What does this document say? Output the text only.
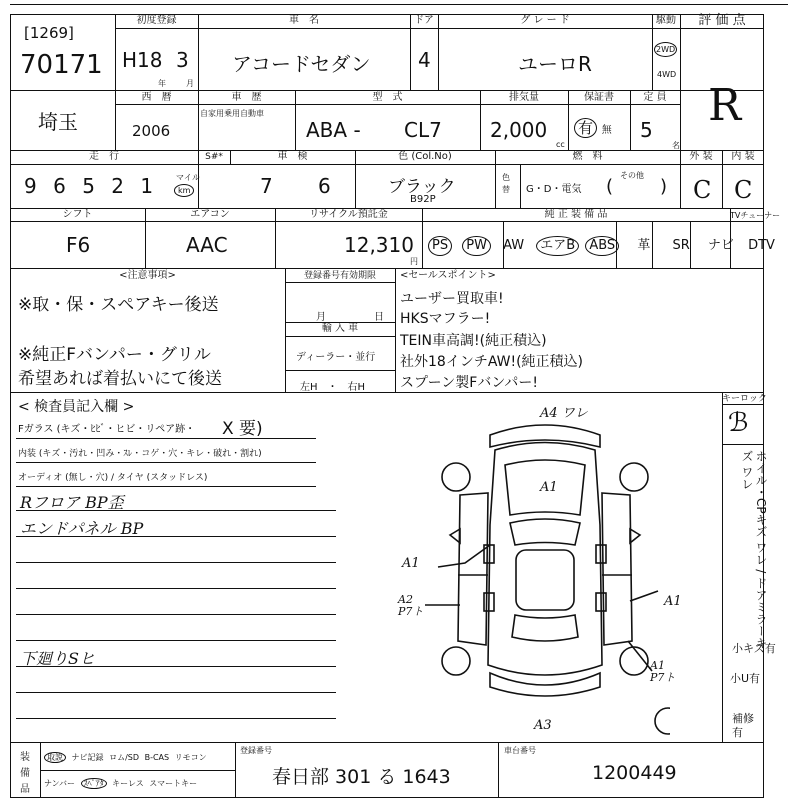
[1269]
70171
初度登録
H18 3
年	月
車　名
アコードセダン
ドア
4
グ レ ー ド
ユーロR
駆動
2WD
4WD
評 価 点
R
埼玉
西　暦
2006
車　歴
自家用乗用自動車
型　式
ABA - CL7
排気量
2,000
cc
保証書
有 無
定 員
5
名
走　行
9 6 5 2 1	マイル
km
S#*	車　検
7 6
色 (Col.No)
ブラック
B92P
色替
燃　料
G・D・電気
その他
(	)
外 装
C
内 装
C
シフト
F6
エアコン
AAC
リサイクル預託金
12,310
円
純 正 装 備 品	TVチューナー
PS PW AW エアB ABS 革 SR ナビ DTV
<注意事項>
※取・保・スペアキー後送
※純正Fバンパー・グリル
希望あれば着払いにて後送
登録番号有効期限
月	日
輸 入 車
ディーラー・並行
左H　・　右H
<セールスポイント>
ユーザー買取車!
HKSマフラー!
TEIN車高調!(純正積込)
社外18インチAW!(純正積込)
スプーン製Fバンパー!
< 検査員記入欄 >
Fガラス (キズ・ﾋﾋﾞ・ヒビ・リペア跡・ X 要)
内装 (キズ・汚れ・凹み・ｽﾚ・コゲ・穴・キレ・破れ・割れ)
オーディオ (無し・穴) / タイヤ (スタッドレス)
Rフロア BP歪
エンドパネル BP
下廻りSヒ
A4 ワレ
A1
A1
A2 P7ト
A1
A1 P7ト
A3
キーロック
ℬ
ホイル・CPキズ ワレ / ドアミラーキズ ワレ
小キズ有
小U有
補修有
装
備
品
取説 ナビ記録 ロム/SD B-CAS リモコン
ナンバー ｽﾍﾟｱﾀ キーレス スマートキー
登録番号
春日部 301 る 1643
車台番号
1200449
